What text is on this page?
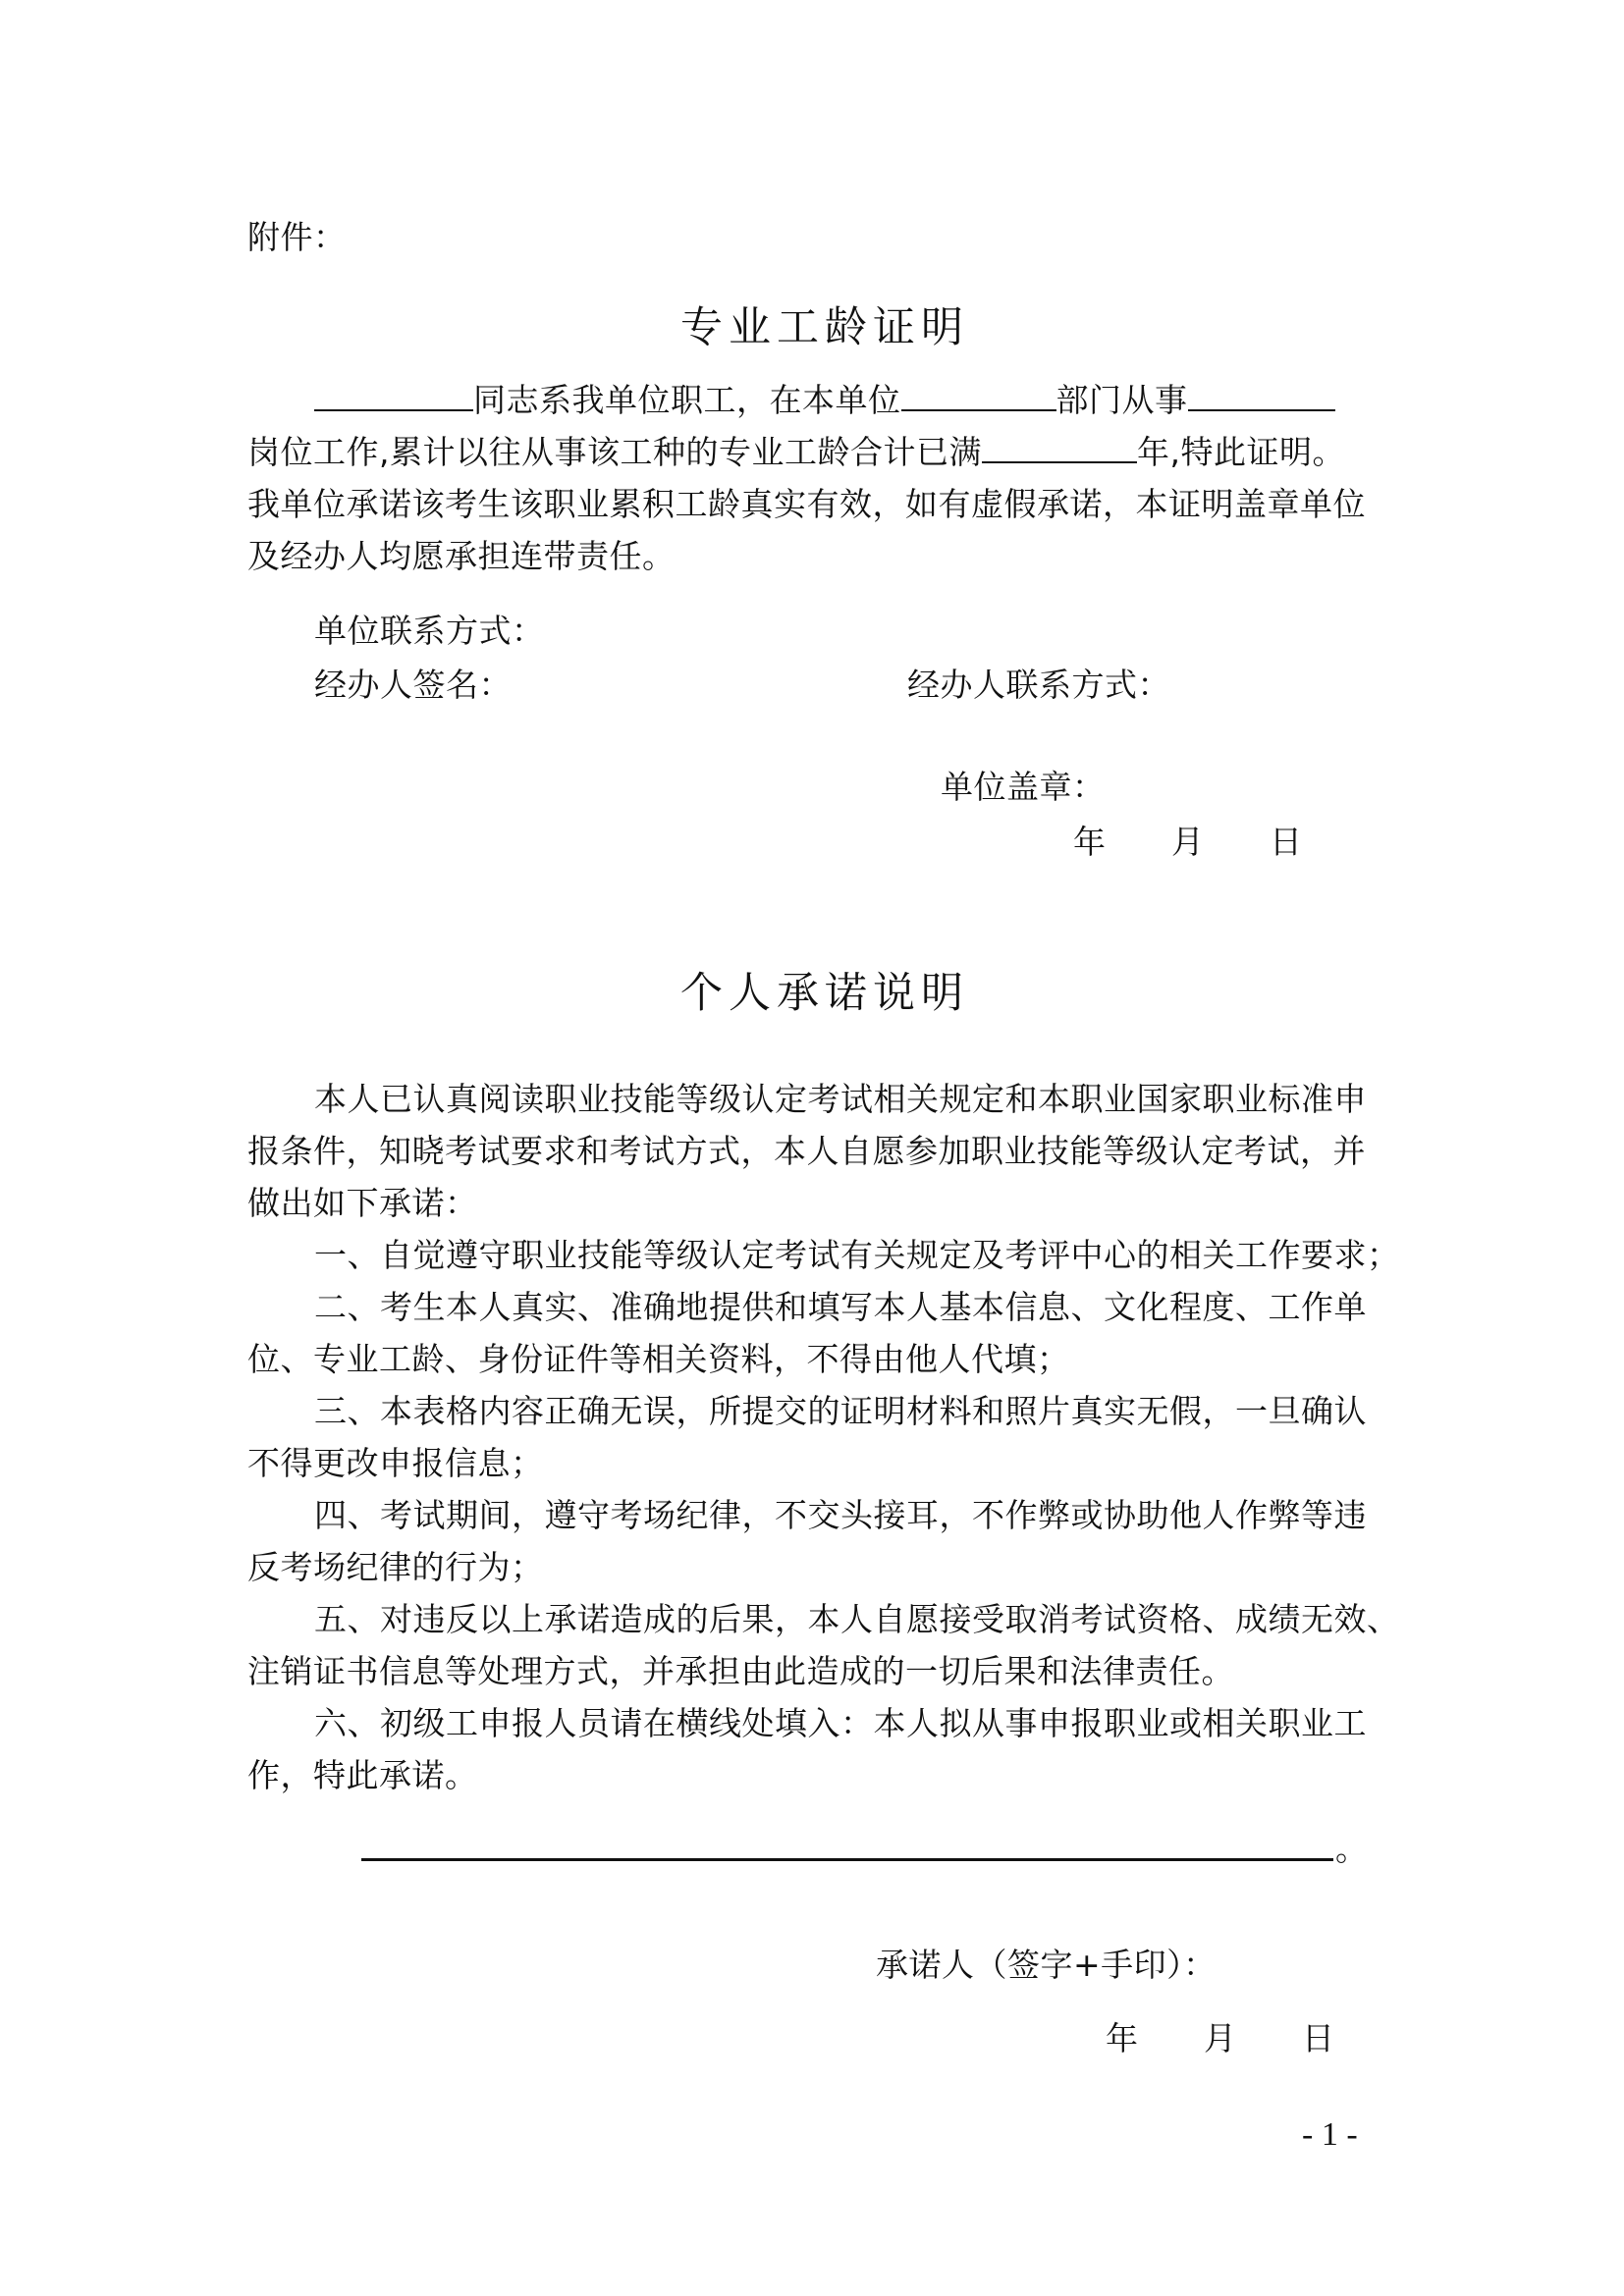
附件：
专业工龄证明
同志系我单位职工，在本单位	部门从事
岗位工作,累计以往从事该工种的专业工龄合计已满	年,特此证明。
我单位承诺该考生该职业累积工龄真实有效，如有虚假承诺，本证明盖章单位
及经办人均愿承担连带责任。
单位联系方式：
经办人签名：	经办人联系方式：
单位盖章：
年 月 日
个人承诺说明
本人已认真阅读职业技能等级认定考试相关规定和本职业国家职业标准申
报条件，知晓考试要求和考试方式，本人自愿参加职业技能等级认定考试，并
做出如下承诺：
一、自觉遵守职业技能等级认定考试有关规定及考评中心的相关工作要求；
二、考生本人真实、准确地提供和填写本人基本信息、文化程度、工作单
位、专业工龄、身份证件等相关资料，不得由他人代填；
三、本表格内容正确无误，所提交的证明材料和照片真实无假，一旦确认
不得更改申报信息；
四、考试期间，遵守考场纪律，不交头接耳，不作弊或协助他人作弊等违
反考场纪律的行为；
五、对违反以上承诺造成的后果，本人自愿接受取消考试资格、成绩无效、
注销证书信息等处理方式，并承担由此造成的一切后果和法律责任。
六、初级工申报人员请在横线处填入：本人拟从事申报职业或相关职业工
作，特此承诺。
。
承诺人（签字+手印）：
年 月 日
- 1 -
